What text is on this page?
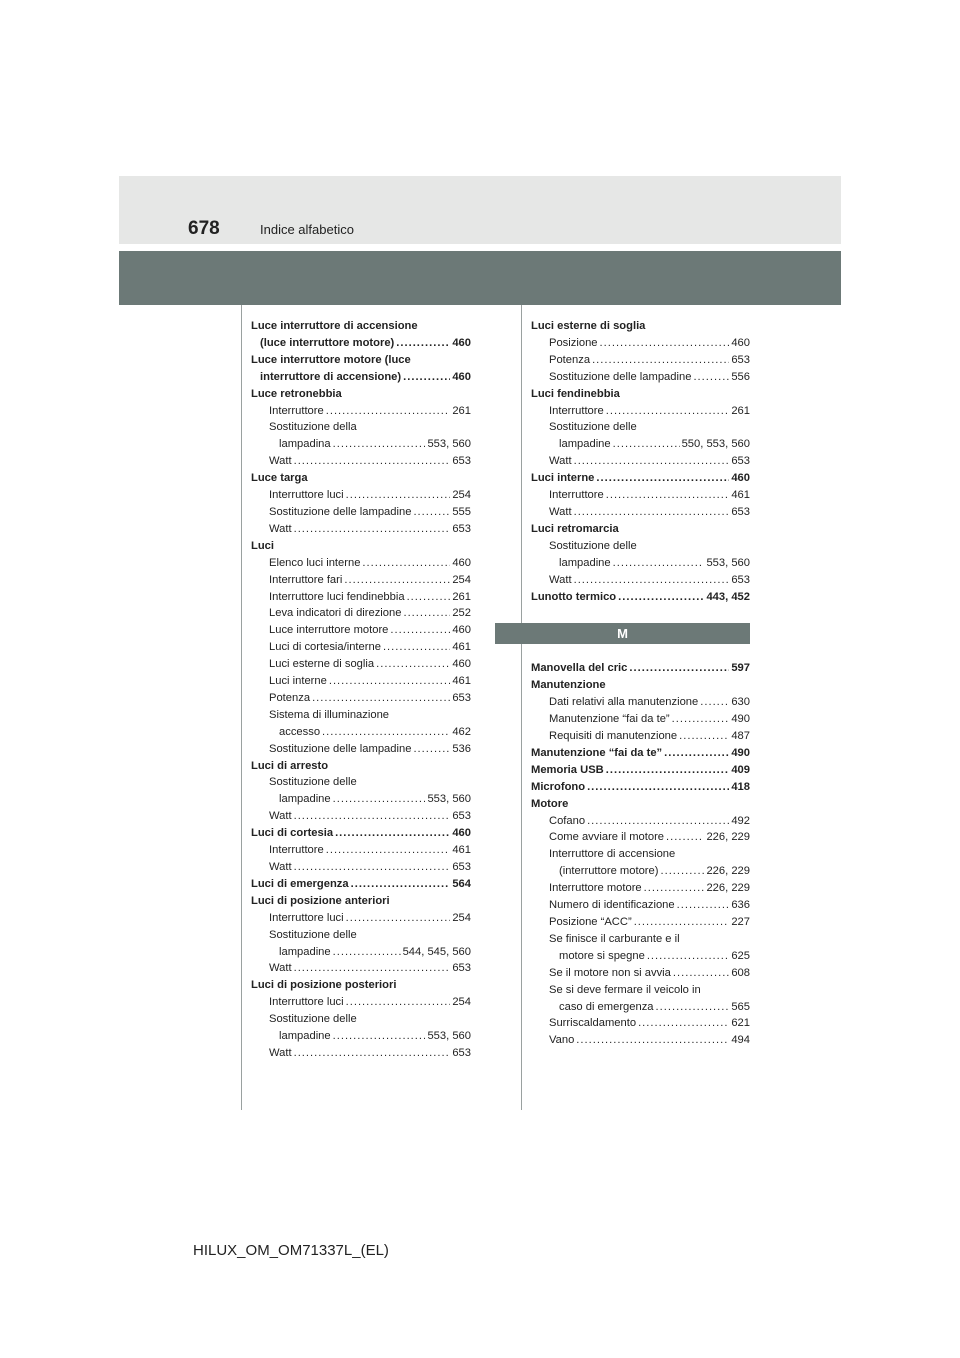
678	Indice alfabetico
Luce interruttore di accensione
(luce interruttore motore) .....	460
Luce interruttore motore (luce
interruttore di accensione) .....	460
Luce retronebbia
Interruttore .....	261
Sostituzione della
lampadina .....	553, 560
Watt .....	653
Luce targa
Interruttore luci .....	254
Sostituzione delle lampadine .....	555
Watt .....	653
Luci
Elenco luci interne .....	460
Interruttore fari .....	254
Interruttore luci fendinebbia .....	261
Leva indicatori di direzione .....	252
Luce interruttore motore .....	460
Luci di cortesia/interne .....	461
Luci esterne di soglia .....	460
Luci interne .....	461
Potenza .....	653
Sistema di illuminazione
accesso .....	462
Sostituzione delle lampadine .....	536
Luci di arresto
Sostituzione delle
lampadine .....	553, 560
Watt .....	653
Luci di cortesia .....	460
Interruttore .....	461
Watt .....	653
Luci di emergenza .....	564
Luci di posizione anteriori
Interruttore luci .....	254
Sostituzione delle
lampadine .....	544, 545, 560
Watt .....	653
Luci di posizione posteriori
Interruttore luci .....	254
Sostituzione delle
lampadine .....	553, 560
Watt .....	653
Luci esterne di soglia
Posizione .....	460
Potenza .....	653
Sostituzione delle lampadine .....	556
Luci fendinebbia
Interruttore .....	261
Sostituzione delle
lampadine .....	550, 553, 560
Watt .....	653
Luci interne .....	460
Interruttore .....	461
Watt .....	653
Luci retromarcia
Sostituzione delle
lampadine .....	553, 560
Watt .....	653
Lunotto termico .....	443, 452
M
Manovella del cric .....	597
Manutenzione
Dati relativi alla manutenzione .....	630
Manutenzione “fai da te” .....	490
Requisiti di manutenzione .....	487
Manutenzione “fai da te” .....	490
Memoria USB .....	409
Microfono .....	418
Motore
Cofano .....	492
Come avviare il motore .....	226, 229
Interruttore di accensione
(interruttore motore) .....	226, 229
Interruttore motore .....	226, 229
Numero di identificazione .....	636
Posizione “ACC” .....	227
Se finisce il carburante e il
motore si spegne .....	625
Se il motore non si avvia .....	608
Se si deve fermare il veicolo in
caso di emergenza .....	565
Surriscaldamento .....	621
Vano .....	494
HILUX_OM_OM71337L_(EL)
